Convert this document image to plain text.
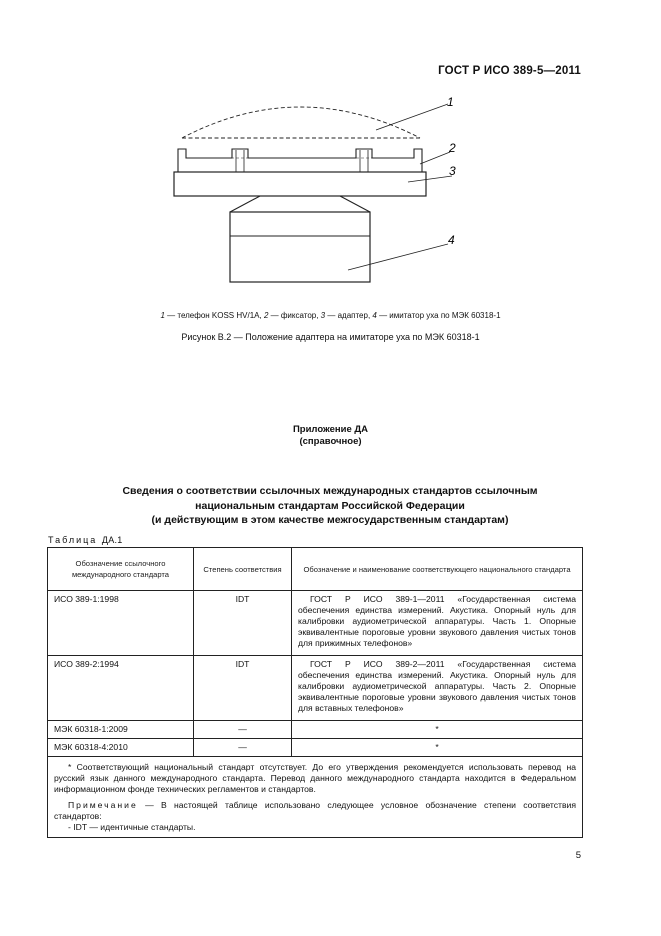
ГОСТ Р ИСО 389-5—2011
1
2
3
4
1 — телефон KOSS HV/1A, 2 — фиксатор, 3 — адаптер, 4 — имитатор уха по МЭК 60318-1
Рисунок В.2 — Положение адаптера на имитаторе уха по МЭК 60318-1
Приложение ДА
(справочное)
Сведения о соответствии ссылочных международных стандартов ссылочным
национальным стандартам Российской Федерации
(и действующим в этом качестве межгосударственным стандартам)
Таблица ДА.1
Обозначение ссылочного международного стандарта	Степень соответствия	Обозначение и наименование соответствующего национального стандарта
ИСО 389-1:1998	IDT	ГОСТ Р ИСО 389-1—2011 «Государственная система обеспечения единства измерений. Акустика. Опорный нуль для калибровки аудиометрической аппаратуры. Часть 1. Опорные эквивалентные пороговые уровни звукового давления чистых тонов для прижимных телефонов»
ИСО 389-2:1994	IDT	ГОСТ Р ИСО 389-2—2011 «Государственная система обеспечения единства измерений. Акустика. Опорный нуль для калибровки аудиометрической аппаратуры. Часть 2. Опорные эквивалентные пороговые уровни звукового давления чистых тонов для вставных телефонов»
МЭК 60318-1:2009	—	*
МЭК 60318-4:2010	—	*

* Соответствующий национальный стандарт отсутствует. До его утверждения рекомендуется использовать перевод на русский язык данного международного стандарта. Перевод данного международного стандарта находится в Федеральном информационном фонде технических регламентов и стандартов.

Примечание — В настоящей таблице использовано следующее условное обозначение степени соответствия стандартов:

- IDT — идентичные стандарты.		

5
